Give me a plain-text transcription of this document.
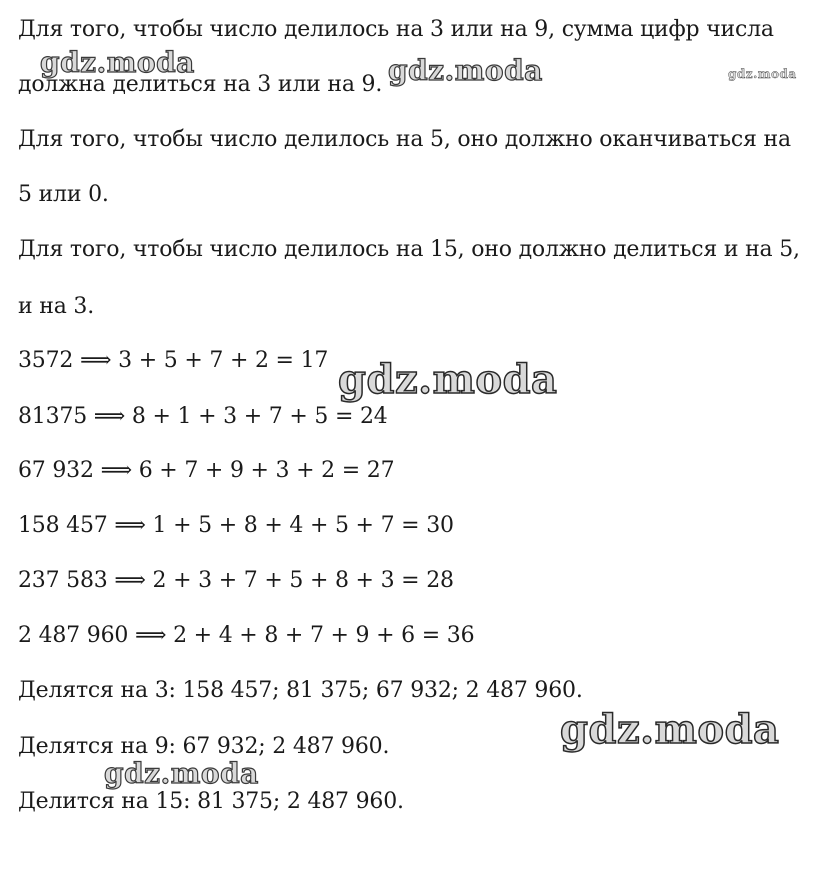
Для того, чтобы число делилось на 3 или на 9, сумма цифр числа

должна делиться на 3 или на 9.

Для того, чтобы число делилось на 5, оно должно оканчиваться на

5 или 0.

Для того, чтобы число делилось на 15, оно должно делиться и на 5,

и на 3.

3572 ⟹ 3 + 5 + 7 + 2 = 17

81375 ⟹ 8 + 1 + 3 + 7 + 5 = 24

67 932 ⟹ 6 + 7 + 9 + 3 + 2 = 27

158 457 ⟹ 1 + 5 + 8 + 4 + 5 + 7 = 30

237 583 ⟹ 2 + 3 + 7 + 5 + 8 + 3 = 28

2 487 960 ⟹ 2 + 4 + 8 + 7 + 9 + 6 = 36

Делятся на 3: 158 457; 81 375; 67 932; 2 487 960.

Делятся на 9: 67 932; 2 487 960.

Делится на 15: 81 375; 2 487 960.

gdz.moda	gdz.moda	gdz.moda
gdz.moda
gdz.moda
gdz.moda
